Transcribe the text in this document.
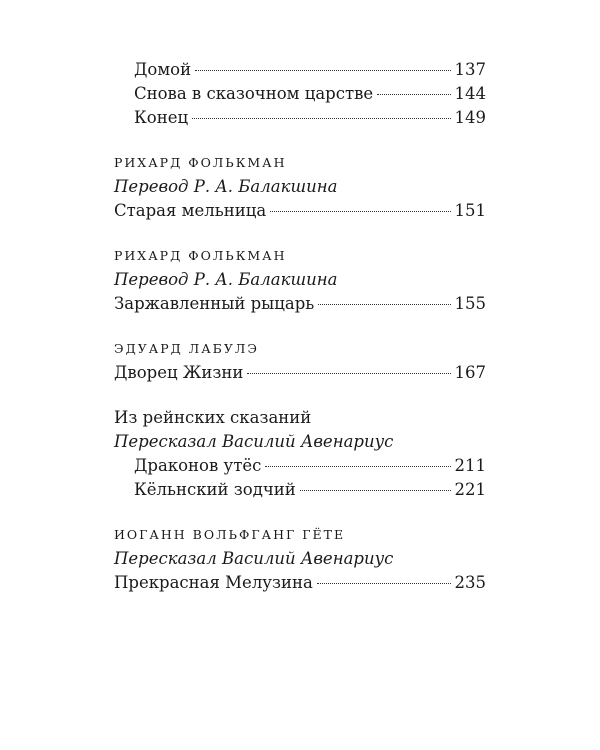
Домой	137
Снова в сказочном царстве	144
Конец	149
РИХАРД ФОЛЬКМАН
Перевод Р. А. Балакшина
Старая мельница	151
РИХАРД ФОЛЬКМАН
Перевод Р. А. Балакшина
Заржавленный рыцарь	155
ЭДУАРД ЛАБУЛЭ
Дворец Жизни	167
Из рейнских сказаний
Пересказал Василий Авенариус
Драконов утёс	211
Кёльнский зодчий	221
ИОГАНН ВОЛЬФГАНГ ГЁТЕ
Пересказал Василий Авенариус
Прекрасная Мелузина	235
